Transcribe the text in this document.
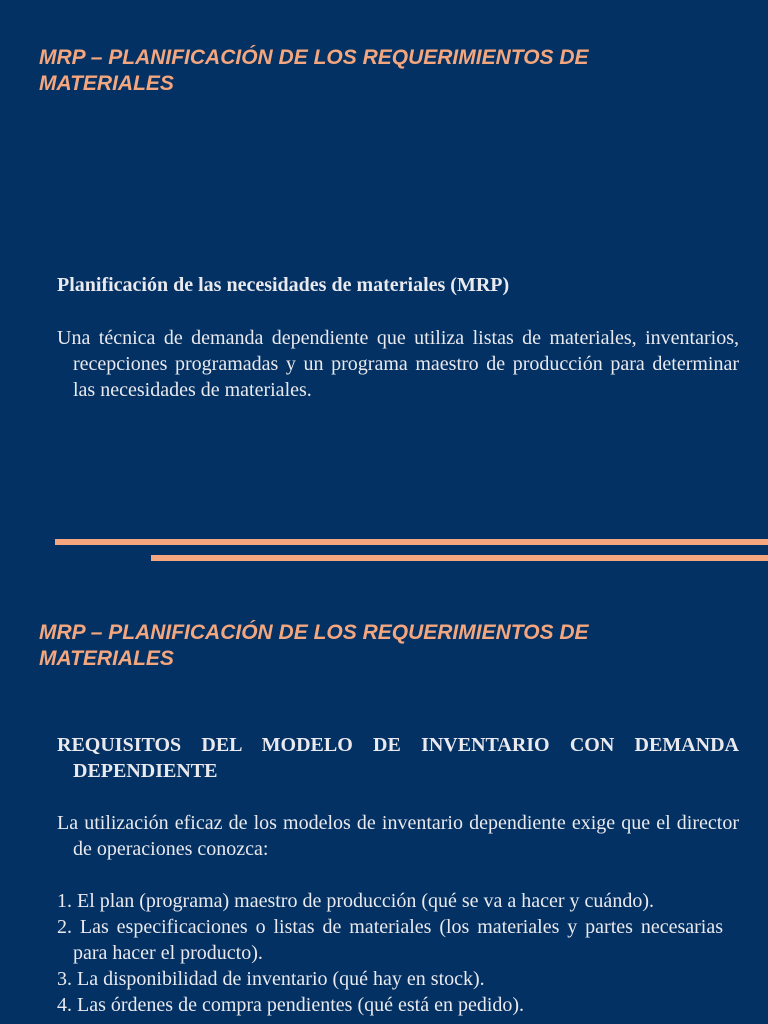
MRP – PLANIFICACIÓN DE LOS REQUERIMIENTOS DE MATERIALES

Planificación de las necesidades de materiales (MRP)

Una técnica de demanda dependiente que utiliza listas de materiales, inventarios, recepciones programadas y un programa maestro de producción para determinar las necesidades de materiales.

MRP – PLANIFICACIÓN DE LOS REQUERIMIENTOS DE MATERIALES

REQUISITOS DEL MODELO DE INVENTARIO CON DEMANDA DEPENDIENTE

La utilización eficaz de los modelos de inventario dependiente exige que el director de operaciones conozca:

1. El plan (programa) maestro de producción (qué se va a hacer y cuándo).
2. Las especificaciones o listas de materiales (los materiales y partes necesarias para hacer el producto).
3. La disponibilidad de inventario (qué hay en stock).
4. Las órdenes de compra pendientes (qué está en pedido).
